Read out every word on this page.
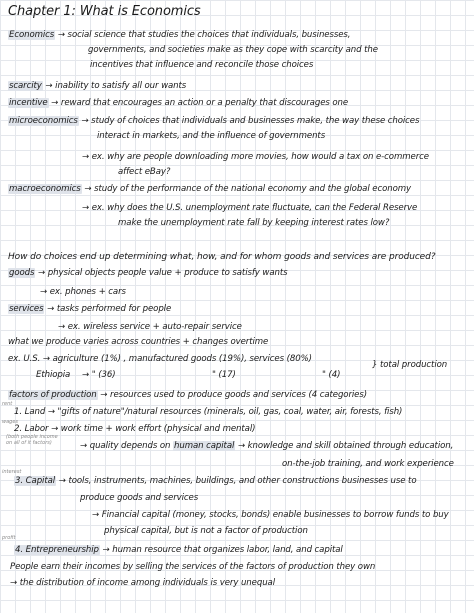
Chapter 1: What is Economics
Economics → social science that studies the choices that individuals, businesses,
governments, and societies make as they cope with scarcity and the
incentives that influence and reconcile those choices
scarcity → inability to satisfy all our wants
incentive → reward that encourages an action or a penalty that discourages one
microeconomics → study of choices that individuals and businesses make, the way these choices
interact in markets, and the influence of governments
→ ex. why are people downloading more movies, how would a tax on e-commerce
affect eBay?
macroeconomics → study of the performance of the national economy and the global economy
→ ex. why does the U.S. unemployment rate fluctuate, can the Federal Reserve
make the unemployment rate fall by keeping interest rates low?
How do choices end up determining what, how, and for whom goods and services are produced?
goods → physical objects people value + produce to satisfy wants
→ ex. phones + cars
services → tasks performed for people
→ ex. wireless service + auto-repair service
what we produce varies across countries + changes overtime
ex. U.S. → agriculture (1%) , manufactured goods (19%), services (80%)
} total production
Ethiopia → " (36)	" (17)	" (4)
factors of production → resources used to produce goods and services (4 categories)
rent
1. Land → "gifts of nature"/natural resources (minerals, oil, gas, coal, water, air, forests, fish)
wages
2. Labor → work time + work effort (physical and mental)
(both people income
on all of it factors)	→ quality depends on human capital → knowledge and skill obtained through education,
on-the-job training, and work experience
interest
3. Capital → tools, instruments, machines, buildings, and other constructions businesses use to
produce goods and services
→ Financial capital (money, stocks, bonds) enable businesses to borrow funds to buy
physical capital, but is not a factor of production
profit
4. Entrepreneurship → human resource that organizes labor, land, and capital
People earn their incomes by selling the services of the factors of production they own
→ the distribution of income among individuals is very unequal
